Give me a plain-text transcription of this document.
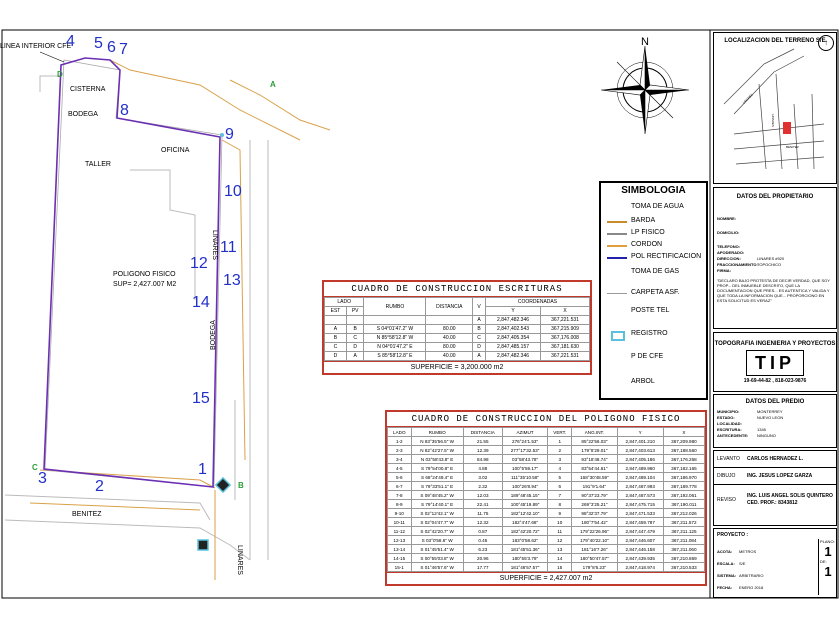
N
LINEA INTERIOR CFE
CISTERNA
BODEGA
TALLER
OFICINA
POLIGONO FISICO
SUP= 2,427.007 M2
BENITEZ
LINARES
LINARES
BODEGA
1
2
3
4 5 6 7
8
9
10
11
12
13
14
15
A
B
C
D
SIMBOLOGIA
TOMA DE AGUA
BARDA
LP FISICO
CORDON
POL RECTIFICACION
TOMA DE GAS
CARPETA ASF.
POSTE TEL
REGISTRO
P DE CFE
ARBOL
CUADRO DE CONSTRUCCION ESCRITURAS
LADO		RUMBO	DISTANCIA	V	COORDENADAS	
EST	PV				Y	X
				A	2,847,482.346	367,221.531
A	B	S 04°01'47.2" W	80.00	B	2,847,402.543	367,215.909
B	C	N 85°58'12.8" W	40.00	C	2,847,405.354	367,176.008
C	D	N 04°01'47.2" E	80.00	D	2,847,485.157	367,181.630
D	A	S 85°58'12.8" E	40.00	A	2,847,482.346	367,221.531
SUPERFICIE = 3,200.000 m2
CUADRO DE CONSTRUCCION DEL POLIGONO FISICO
LADO	RUMBO	DISTANCIA	AZIMUT	VERT.	ANG.INT.	Y	X
1-2	N 83°35'56.5" W	21.55	276°24'1.53"	1	85°22'56.03"	2,847,401.210	367,209.980
2-3	N 82°42'27.5" W	12.39	277°17'32.53"	2	179°8'29.01"	2,847,403.613	367,188.560
3-4	N 03°58'43.8" E	84.98	03°58'43.78"	3	93°18'48.74"	2,847,405.186	367,176.268
4-5	S 79°54'00.8" E	4.88	100°5'59.17"	4	83°54'44.61"	2,847,489.960	367,182.165
5-6	S 68°24'49.4" E	3.02	111°35'10.58"	5	168°30'48.59"	2,847,489.104	367,186.970
6-7	S 79°33'51.1" E	2.32	100°26'8.94"	6	191°9'1.64"	2,847,487.993	367,189.778
7-8	S 09°48'45.2" W	12.03	189°48'45.15"	7	90°37'23.79"	2,847,487.573	367,192.061
8-9	S 79°14'40.1" E	22.41	100°45'19.89"	8	269°3'25.21"	2,847,475.715	367,190.011
9-10	S 02°12'42.1" W	11.75	182°12'42.10"	9	98°32'37.79"	2,847,471.533	367,212.026
10-11	S 02°04'47.7" W	12.32	182°4'47.68"	10	180°7'54.42"	2,847,459.787	367,211.572
11-12	S 02°42'20.7" W	0.87	182°42'20.72"	11	179°22'26.96"	2,847,447.479	367,211.125
12-13	S 03°0'58.6" W	0.45	183°0'58.62"	12	179°40'22.10"	2,847,446.607	367,211.084
13-14	S 01°45'51.4" W	6.23	181°45'51.36"	13	181°16'7.26"	2,847,446.158	367,211.060
14-15	S 00°55'03.8" W	20.96	180°55'3.79"	14	180°50'47.57"	2,847,439.935	367,210.869
15-1	S 01°46'57.6" W	17.77	181°46'57.57"	15	179°8'6.23"	2,847,418.974	367,210.533
SUPERFICIE = 2,427.007 m2
LOCALIZACION DEL TERRENO S/E
LINARES
BENITEZ
LINARES
↑
DATOS DEL PROPIETARIO
NOMBRE:
DOMICILIO:
TELEFONO:
APODERADO:
DIRECCION:	LINARES #920
FRACCIONAMIENTO: TOPOCHICO
FIRMA:
"DECLARO BAJO PROTESTA DE DECIR VERDAD, QUE SOY PROP... DEL INMUEBLE DESCRITO, QUE LA DOCUMENTACION QUE PRES... ES AUTENTICA Y VALIDA Y QUE TODA LA INFORMACION QUE... PROPORCIONO EN ESTA SOLICITUD ES VERAZ"
TOPOGRAFIA INGENIERIA Y PROYECTOS
TIP
19-69-44-82 , 818-023-9876
DATOS DEL PREDIO
MUNICIPIO:	MONTERREY
ESTADO:	NUEVO LEON
LOCALIDAD:
ESCRITURA:	1345
ANTECEDENTE:	NINGUNO
LEVANTO	CARLOS HERNADEZ L.
DIBUJO	ING. JESUS LOPEZ GARZA
REVISO
ING. LUIS ANGEL SOLIS QUINTERO
CED. PROF.: 8343812
PROYECTO :
ACOTA:	METROS
ESCALA: S/E
SISTEMA: ARBITRARIO
FECHA:	ENERO 2018
PLANO:
1
DE:
1
